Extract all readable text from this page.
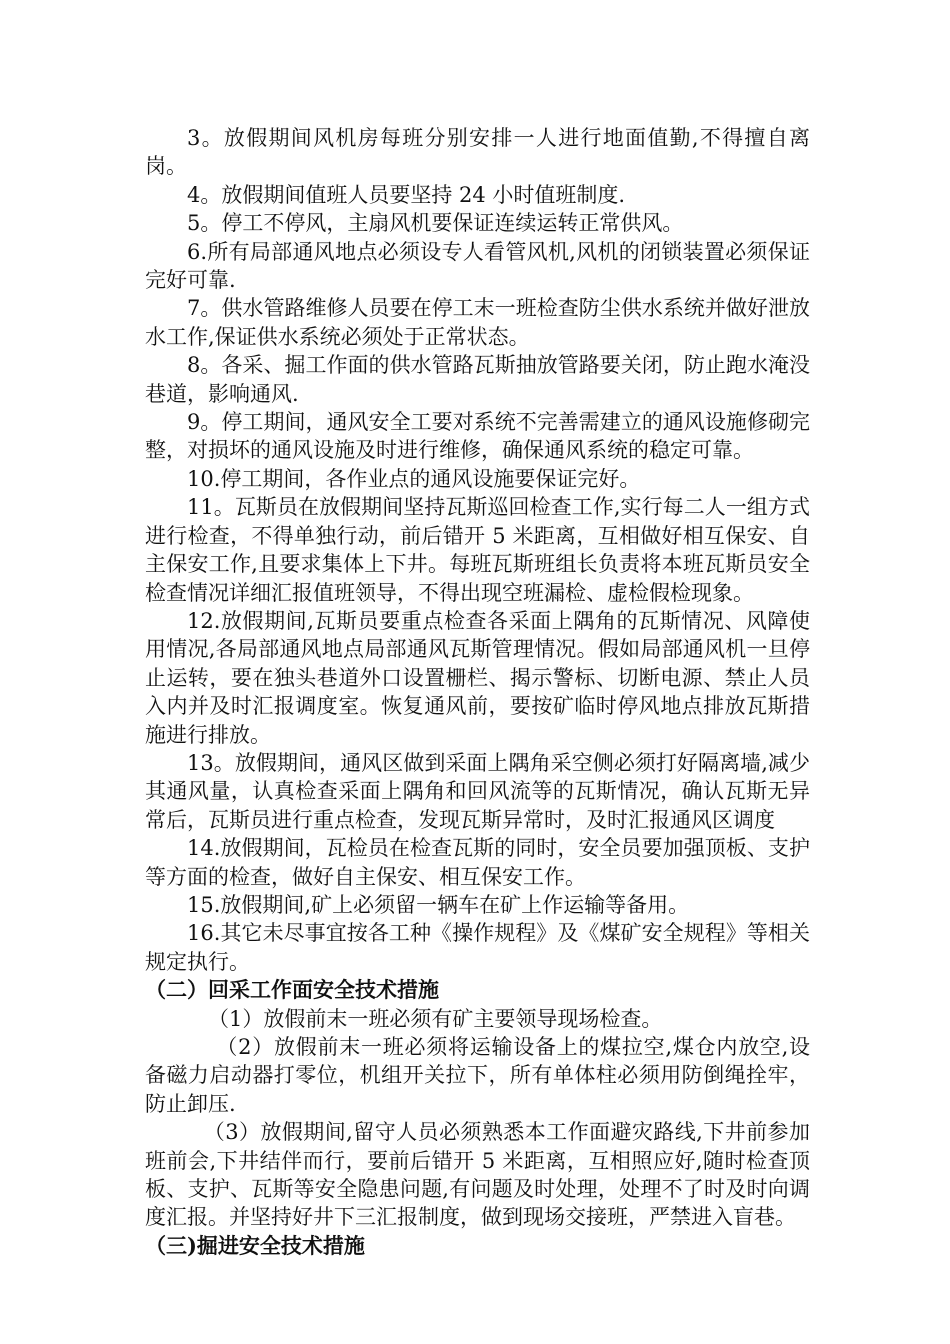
3。放假期间风机房每班分别安排一人进行地面值勤,不得擅自离岗。

4。放假期间值班人员要坚持 24 小时值班制度.

5。停工不停风，主扇风机要保证连续运转正常供风。

6.所有局部通风地点必须设专人看管风机,风机的闭锁装置必须保证完好可靠.

7。供水管路维修人员要在停工末一班检查防尘供水系统并做好泄放水工作,保证供水系统必须处于正常状态。

8。各采、掘工作面的供水管路瓦斯抽放管路要关闭，防止跑水淹没巷道，影响通风.

9。停工期间，通风安全工要对系统不完善需建立的通风设施修砌完整，对损坏的通风设施及时进行维修，确保通风系统的稳定可靠。

10.停工期间，各作业点的通风设施要保证完好。

11。瓦斯员在放假期间坚持瓦斯巡回检查工作,实行每二人一组方式进行检查，不得单独行动，前后错开 5 米距离，互相做好相互保安、自主保安工作,且要求集体上下井。每班瓦斯班组长负责将本班瓦斯员安全检查情况详细汇报值班领导，不得出现空班漏检、虚检假检现象。

12.放假期间,瓦斯员要重点检查各采面上隅角的瓦斯情况、风障使用情况,各局部通风地点局部通风瓦斯管理情况。假如局部通风机一旦停止运转，要在独头巷道外口设置栅栏、揭示警标、切断电源、禁止人员入内并及时汇报调度室。恢复通风前，要按矿临时停风地点排放瓦斯措施进行排放。

13。放假期间，通风区做到采面上隅角采空侧必须打好隔离墙,减少其通风量，认真检查采面上隅角和回风流等的瓦斯情况，确认瓦斯无异常后，瓦斯员进行重点检查，发现瓦斯异常时，及时汇报通风区调度

14.放假期间，瓦检员在检查瓦斯的同时，安全员要加强顶板、支护等方面的检查，做好自主保安、相互保安工作。

15.放假期间,矿上必须留一辆车在矿上作运输等备用。

16.其它未尽事宜按各工种《操作规程》及《煤矿安全规程》等相关规定执行。

（二）回采工作面安全技术措施

（1）放假前末一班必须有矿主要领导现场检查。

（2）放假前末一班必须将运输设备上的煤拉空,煤仓内放空,设备磁力启动器打零位，机组开关拉下，所有单体柱必须用防倒绳拴牢，防止卸压.

（3）放假期间,留守人员必须熟悉本工作面避灾路线,下井前参加班前会,下井结伴而行，要前后错开 5 米距离，互相照应好,随时检查顶板、支护、瓦斯等安全隐患问题,有问题及时处理，处理不了时及时向调度汇报。并坚持好井下三汇报制度，做到现场交接班，严禁进入盲巷。

（三)掘进安全技术措施
